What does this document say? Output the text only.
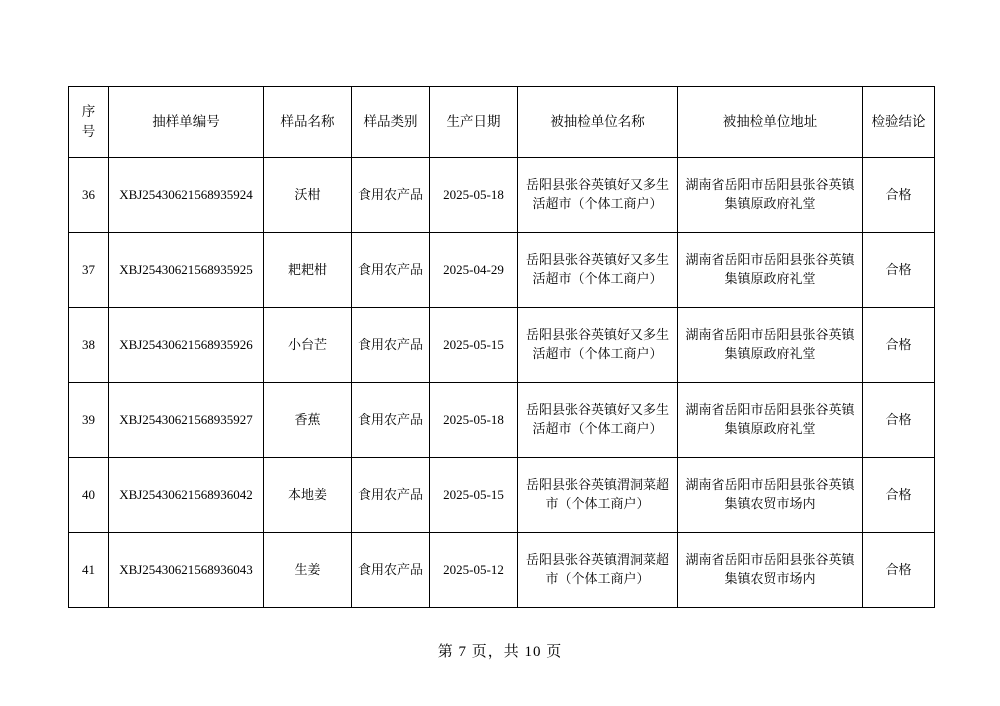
序
号	抽样单编号	样品名称	样品类别	生产日期	被抽检单位名称	被抽检单位地址	检验结论
36	XBJ25430621568935924	沃柑	食用农产品	2025-05-18	岳阳县张谷英镇好又多生活超市（个体工商户）	湖南省岳阳市岳阳县张谷英镇集镇原政府礼堂	合格
37	XBJ25430621568935925	耙耙柑	食用农产品	2025-04-29	岳阳县张谷英镇好又多生活超市（个体工商户）	湖南省岳阳市岳阳县张谷英镇集镇原政府礼堂	合格
38	XBJ25430621568935926	小台芒	食用农产品	2025-05-15	岳阳县张谷英镇好又多生活超市（个体工商户）	湖南省岳阳市岳阳县张谷英镇集镇原政府礼堂	合格
39	XBJ25430621568935927	香蕉	食用农产品	2025-05-18	岳阳县张谷英镇好又多生活超市（个体工商户）	湖南省岳阳市岳阳县张谷英镇集镇原政府礼堂	合格
40	XBJ25430621568936042	本地姜	食用农产品	2025-05-15	岳阳县张谷英镇渭洞菜超市（个体工商户）	湖南省岳阳市岳阳县张谷英镇集镇农贸市场内	合格
41	XBJ25430621568936043	生姜	食用农产品	2025-05-12	岳阳县张谷英镇渭洞菜超市（个体工商户）	湖南省岳阳市岳阳县张谷英镇集镇农贸市场内	合格
第 7 页，共 10 页
